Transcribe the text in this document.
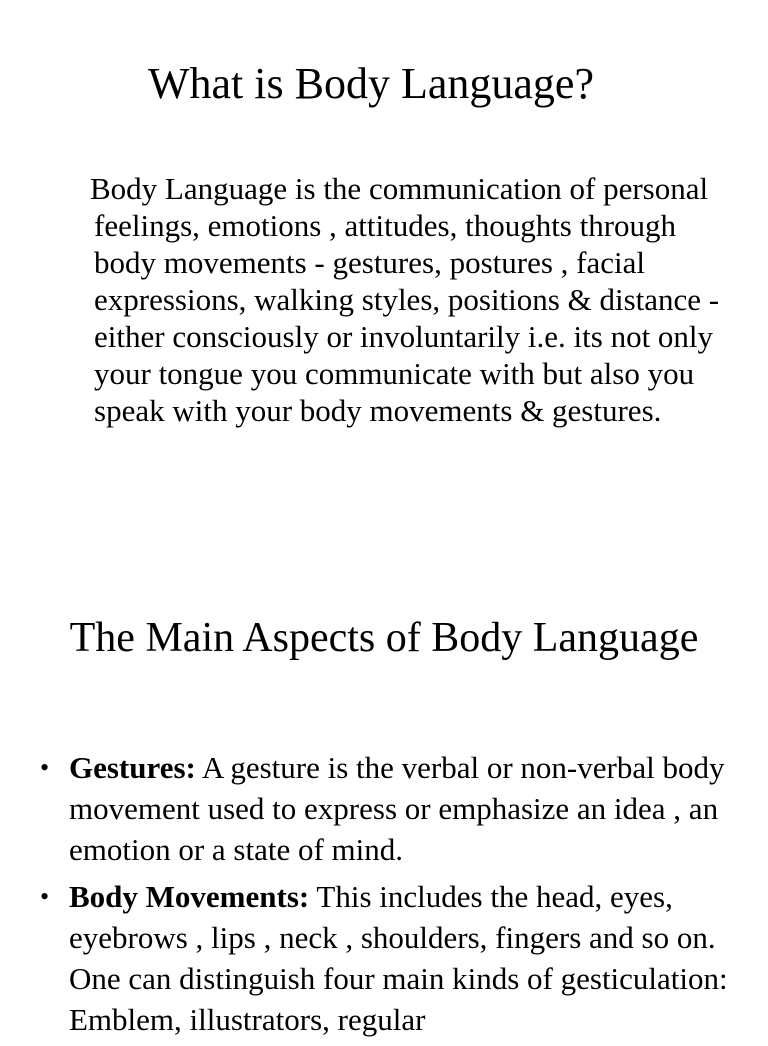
What is Body Language?

Body Language is the communication of personal feelings, emotions , attitudes, thoughts through body movements - gestures, postures , facial expressions, walking styles, positions & distance - either consciously or involuntarily i.e. its not only your tongue you communicate with but also you speak with your body movements & gestures.

The Main Aspects of Body Language
• Gestures: A gesture is the verbal or non-verbal body movement used to express or emphasize an idea , an emotion or a state of mind.
• Body Movements: This includes the head, eyes, eyebrows , lips , neck , shoulders, fingers and so on. One can distinguish four main kinds of gesticulation: Emblem, illustrators, regular
